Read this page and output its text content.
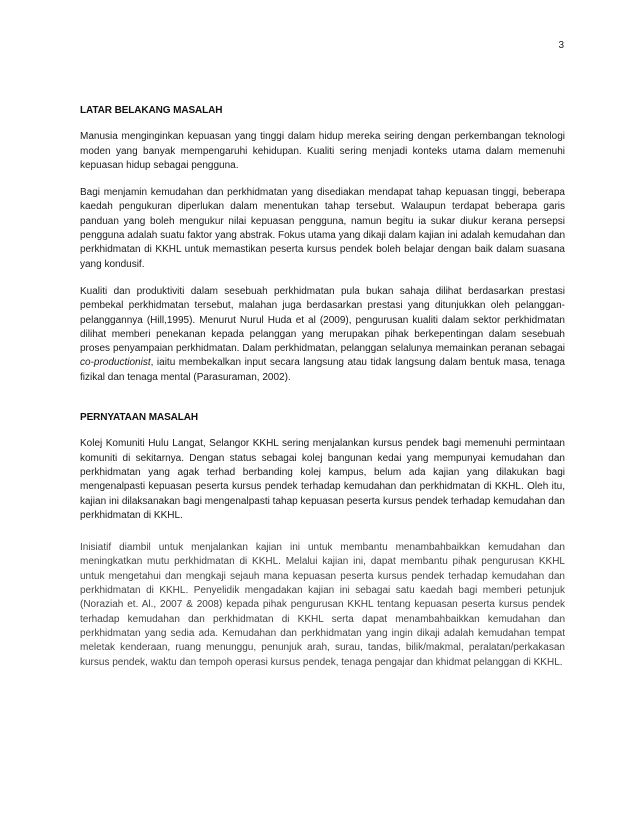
3
LATAR BELAKANG MASALAH

Manusia menginginkan kepuasan yang tinggi dalam hidup mereka seiring dengan perkembangan teknologi moden yang banyak mempengaruhi kehidupan. Kualiti sering menjadi konteks utama dalam memenuhi kepuasan hidup sebagai pengguna.

Bagi menjamin kemudahan dan perkhidmatan yang disediakan mendapat tahap kepuasan tinggi, beberapa kaedah pengukuran diperlukan dalam menentukan tahap tersebut. Walaupun terdapat beberapa garis panduan yang boleh mengukur nilai kepuasan pengguna, namun begitu ia sukar diukur kerana persepsi pengguna adalah suatu faktor yang abstrak. Fokus utama yang dikaji dalam kajian ini adalah kemudahan dan perkhidmatan di KKHL untuk memastikan peserta kursus pendek boleh belajar dengan baik dalam suasana yang kondusif.

Kualiti dan produktiviti dalam sesebuah perkhidmatan pula bukan sahaja dilihat berdasarkan prestasi pembekal perkhidmatan tersebut, malahan juga berdasarkan prestasi yang ditunjukkan oleh pelanggan-pelanggannya (Hill,1995). Menurut Nurul Huda et al (2009), pengurusan kualiti dalam sektor perkhidmatan dilihat memberi penekanan kepada pelanggan yang merupakan pihak berkepentingan dalam sesebuah proses penyampaian perkhidmatan. Dalam perkhidmatan, pelanggan selalunya memainkan peranan sebagai co-productionist, iaitu membekalkan input secara langsung atau tidak langsung dalam bentuk masa, tenaga fizikal dan tenaga mental (Parasuraman, 2002).

PERNYATAAN MASALAH

Kolej Komuniti Hulu Langat, Selangor KKHL sering menjalankan kursus pendek bagi memenuhi permintaan komuniti di sekitarnya. Dengan status sebagai kolej bangunan kedai yang mempunyai kemudahan dan perkhidmatan yang agak terhad berbanding kolej kampus, belum ada kajian yang dilakukan bagi mengenalpasti kepuasan peserta kursus pendek terhadap kemudahan dan perkhidmatan di KKHL. Oleh itu, kajian ini dilaksanakan bagi mengenalpasti tahap kepuasan peserta kursus pendek terhadap kemudahan dan perkhidmatan di KKHL.

Inisiatif diambil untuk menjalankan kajian ini untuk membantu menambahbaikkan kemudahan dan meningkatkan mutu perkhidmatan di KKHL. Melalui kajian ini, dapat membantu pihak pengurusan KKHL untuk mengetahui dan mengkaji sejauh mana kepuasan peserta kursus pendek terhadap kemudahan dan perkhidmatan di KKHL. Penyelidik mengadakan kajian ini sebagai satu kaedah bagi memberi petunjuk (Noraziah et. Al., 2007 & 2008) kepada pihak pengurusan KKHL tentang kepuasan peserta kursus pendek terhadap kemudahan dan perkhidmatan di KKHL serta dapat menambahbaikkan kemudahan dan perkhidmatan yang sedia ada. Kemudahan dan perkhidmatan yang ingin dikaji adalah kemudahan tempat meletak kenderaan, ruang menunggu, penunjuk arah, surau, tandas, bilik/makmal, peralatan/perkakasan kursus pendek, waktu dan tempoh operasi kursus pendek, tenaga pengajar dan khidmat pelanggan di KKHL.
